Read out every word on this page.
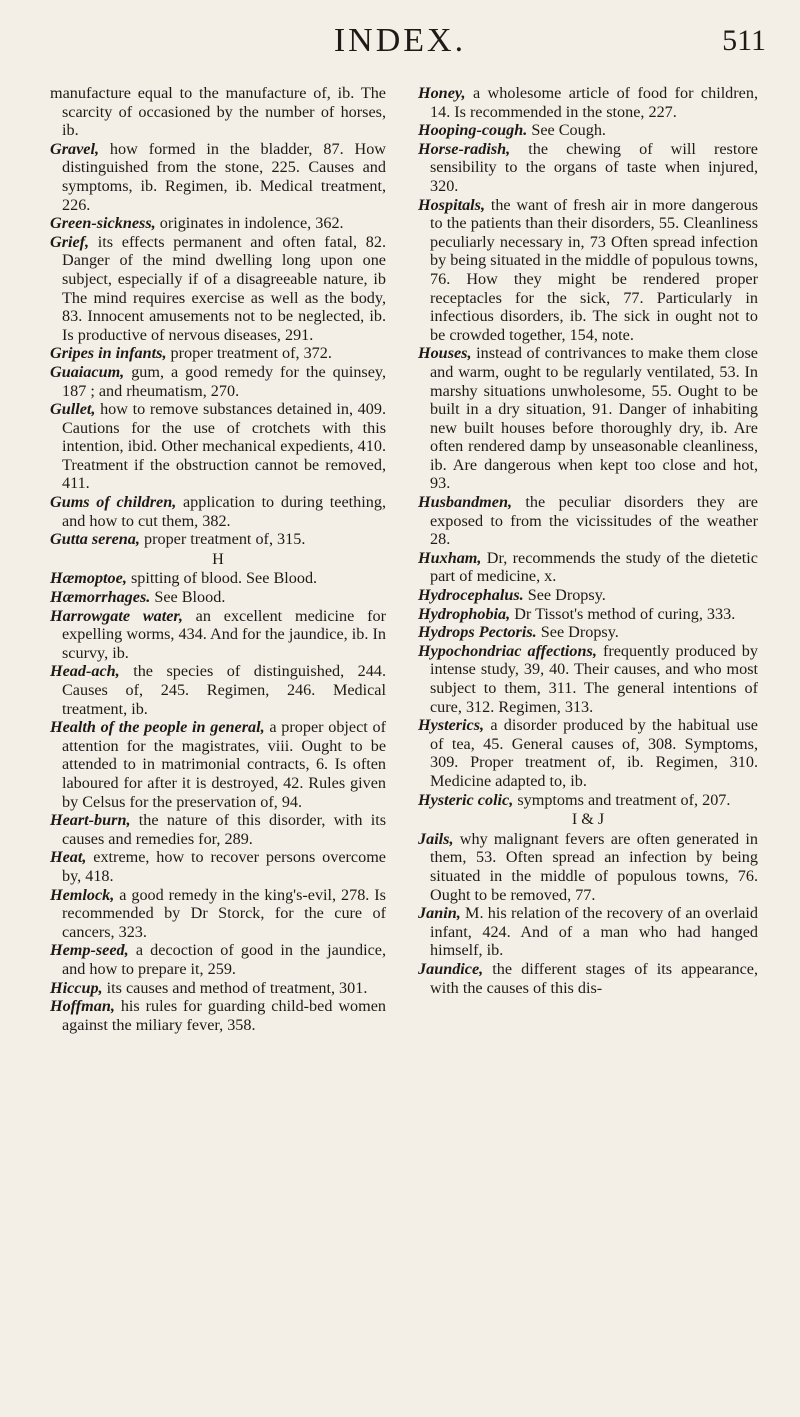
INDEX.	511

manufacture equal to the manufacture of, ib. The scarcity of occasioned by the number of horses, ib.

Gravel, how formed in the bladder, 87. How distinguished from the stone, 225. Causes and symptoms, ib. Regimen, ib. Medical treatment, 226.

Green-sickness, originates in indolence, 362.

Grief, its effects permanent and often fatal, 82. Danger of the mind dwelling long upon one subject, especially if of a disagreeable nature, ib The mind requires exercise as well as the body, 83. Innocent amusements not to be neglected, ib. Is productive of nervous diseases, 291.

Gripes in infants, proper treatment of, 372.

Guaiacum, gum, a good remedy for the quinsey, 187 ; and rheumatism, 270.

Gullet, how to remove substances detained in, 409. Cautions for the use of crotchets with this intention, ibid. Other mechanical expedients, 410. Treatment if the obstruction cannot be removed, 411.

Gums of children, application to during teething, and how to cut them, 382.

Gutta serena, proper treatment of, 315.

H

Hæmoptoe, spitting of blood. See Blood.

Hæmorrhages. See Blood.

Harrowgate water, an excellent medicine for expelling worms, 434. And for the jaundice, ib. In scurvy, ib.

Head-ach, the species of distinguished, 244. Causes of, 245. Regimen, 246. Medical treatment, ib.

Health of the people in general, a proper object of attention for the magistrates, viii. Ought to be attended to in matrimonial contracts, 6. Is often laboured for after it is destroyed, 42. Rules given by Celsus for the preservation of, 94.

Heart-burn, the nature of this disorder, with its causes and remedies for, 289.

Heat, extreme, how to recover persons overcome by, 418.

Hemlock, a good remedy in the king's-evil, 278. Is recommended by Dr Storck, for the cure of cancers, 323.

Hemp-seed, a decoction of good in the jaundice, and how to prepare it, 259.

Hiccup, its causes and method of treatment, 301.

Hoffman, his rules for guarding child-bed women against the miliary fever, 358.

Honey, a wholesome article of food for children, 14. Is recommended in the stone, 227.

Hooping-cough. See Cough.

Horse-radish, the chewing of will restore sensibility to the organs of taste when injured, 320.

Hospitals, the want of fresh air in more dangerous to the patients than their disorders, 55. Cleanliness peculiarly necessary in, 73 Often spread infection by being situated in the middle of populous towns, 76. How they might be rendered proper receptacles for the sick, 77. Particularly in infectious disorders, ib. The sick in ought not to be crowded together, 154, note.

Houses, instead of contrivances to make them close and warm, ought to be regularly ventilated, 53. In marshy situations unwholesome, 55. Ought to be built in a dry situation, 91. Danger of inhabiting new built houses before thoroughly dry, ib. Are often rendered damp by unseasonable cleanliness, ib. Are dangerous when kept too close and hot, 93.

Husbandmen, the peculiar disorders they are exposed to from the vicissitudes of the weather 28.

Huxham, Dr, recommends the study of the dietetic part of medicine, x.

Hydrocephalus. See Dropsy.

Hydrophobia, Dr Tissot's method of curing, 333.

Hydrops Pectoris. See Dropsy.

Hypochondriac affections, frequently produced by intense study, 39, 40. Their causes, and who most subject to them, 311. The general intentions of cure, 312. Regimen, 313.

Hysterics, a disorder produced by the habitual use of tea, 45. General causes of, 308. Symptoms, 309. Proper treatment of, ib. Regimen, 310. Medicine adapted to, ib.

Hysteric colic, symptoms and treatment of, 207.

I & J

Jails, why malignant fevers are often generated in them, 53. Often spread an infection by being situated in the middle of populous towns, 76. Ought to be removed, 77.

Janin, M. his relation of the recovery of an overlaid infant, 424. And of a man who had hanged himself, ib.

Jaundice, the different stages of its appearance, with the causes of this dis-
